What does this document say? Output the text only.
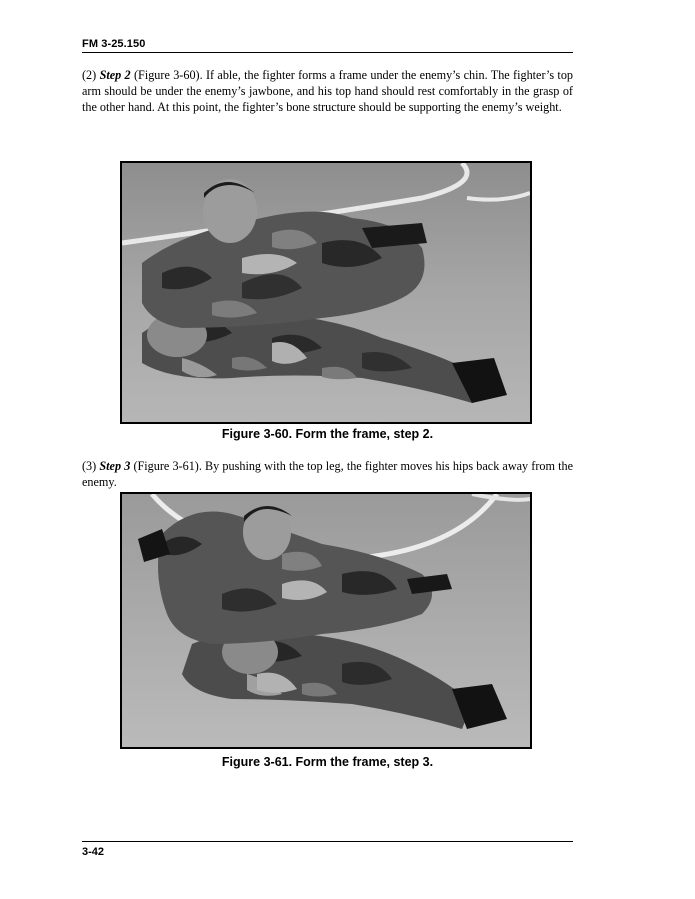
FM 3-25.150

(2) Step 2 (Figure 3-60). If able, the fighter forms a frame under the enemy’s chin. The fighter’s top arm should be under the enemy’s jawbone, and his top hand should rest comfortably in the grasp of the other hand. At this point, the fighter’s bone structure should be supporting the enemy’s weight.

Figure 3-60. Form the frame, step 2.

(3) Step 3 (Figure 3-61). By pushing with the top leg, the fighter moves his hips back away from the enemy.

Figure 3-61. Form the frame, step 3.
3-42
